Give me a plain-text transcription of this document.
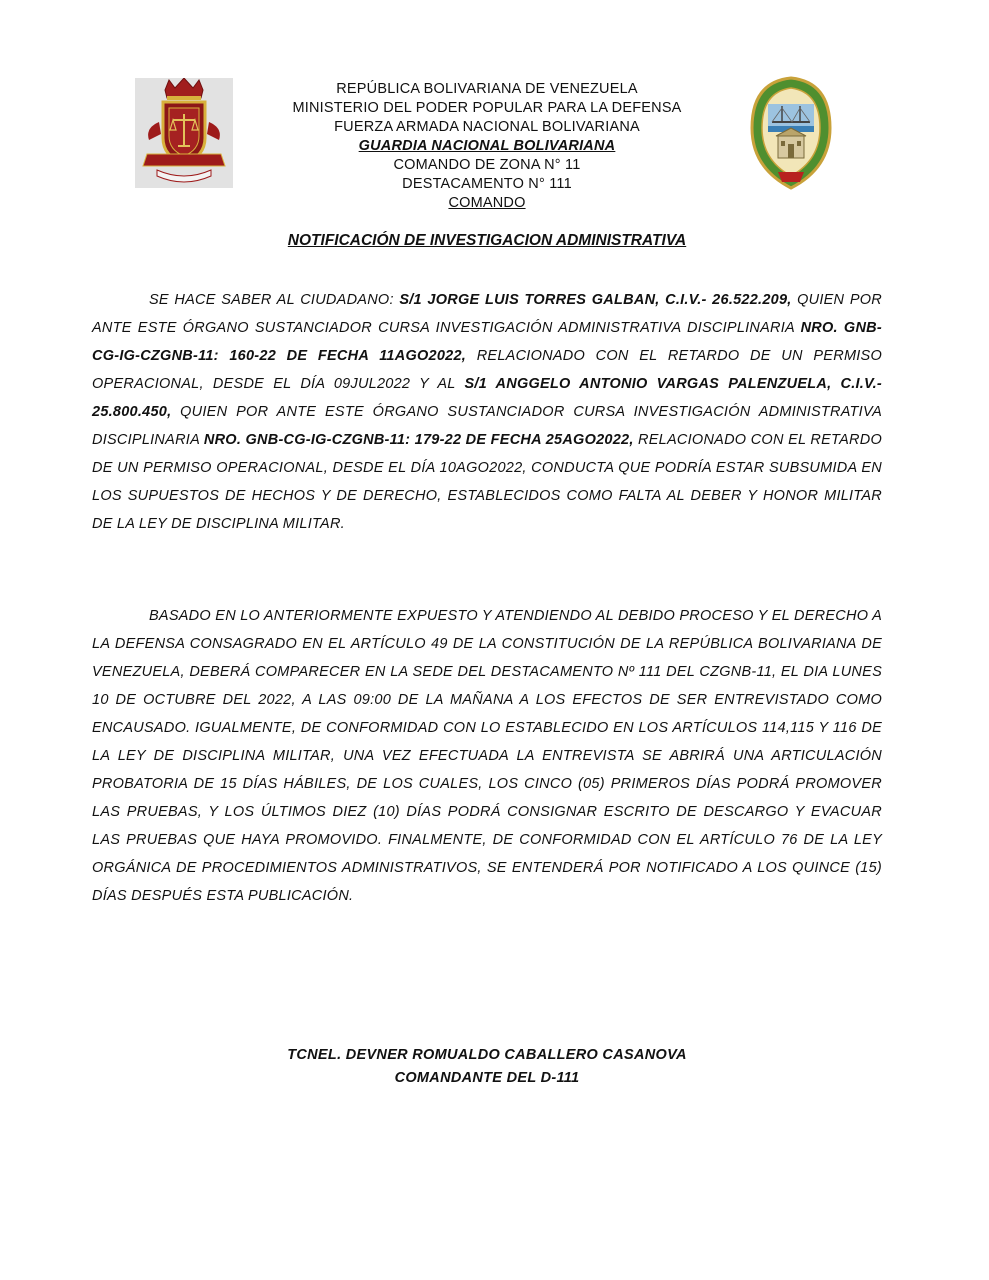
REPÚBLICA BOLIVARIANA DE VENEZUELA
MINISTERIO DEL PODER POPULAR PARA LA DEFENSA
FUERZA ARMADA NACIONAL BOLIVARIANA
GUARDIA NACIONAL BOLIVARIANA
COMANDO DE ZONA N° 11
DESTACAMENTO N° 111
COMANDO
NOTIFICACIÓN DE INVESTIGACION ADMINISTRATIVA

SE HACE SABER AL CIUDADANO: S/1 JORGE LUIS TORRES GALBAN, C.I.V.- 26.522.209, QUIEN POR ANTE ESTE ÓRGANO SUSTANCIADOR CURSA INVESTIGACIÓN ADMINISTRATIVA DISCIPLINARIA NRO. GNB-CG-IG-CZGNB-11: 160-22 DE FECHA 11AGO2022, RELACIONADO CON EL RETARDO DE UN PERMISO OPERACIONAL, DESDE EL DÍA 09JUL2022 Y AL S/1 ANGGELO ANTONIO VARGAS PALENZUELA, C.I.V.- 25.800.450, QUIEN POR ANTE ESTE ÓRGANO SUSTANCIADOR CURSA INVESTIGACIÓN ADMINISTRATIVA DISCIPLINARIA NRO. GNB-CG-IG-CZGNB-11: 179-22 DE FECHA 25AGO2022, RELACIONADO CON EL RETARDO DE UN PERMISO OPERACIONAL, DESDE EL DÍA 10AGO2022, CONDUCTA QUE PODRÍA ESTAR SUBSUMIDA EN LOS SUPUESTOS DE HECHOS Y DE DERECHO, ESTABLECIDOS COMO FALTA AL DEBER Y HONOR MILITAR DE LA LEY DE DISCIPLINA MILITAR.

BASADO EN LO ANTERIORMENTE EXPUESTO Y ATENDIENDO AL DEBIDO PROCESO Y EL DERECHO A LA DEFENSA CONSAGRADO EN EL ARTÍCULO 49 DE LA CONSTITUCIÓN DE LA REPÚBLICA BOLIVARIANA DE VENEZUELA, DEBERÁ COMPARECER EN LA SEDE DEL DESTACAMENTO Nº 111 DEL CZGNB-11, EL DIA LUNES 10 DE OCTUBRE DEL 2022, A LAS 09:00 DE LA MAÑANA A LOS EFECTOS DE SER ENTREVISTADO COMO ENCAUSADO. IGUALMENTE, DE CONFORMIDAD CON LO ESTABLECIDO EN LOS ARTÍCULOS 114,115 Y 116 DE LA LEY DE DISCIPLINA MILITAR, UNA VEZ EFECTUADA LA ENTREVISTA SE ABRIRÁ UNA ARTICULACIÓN PROBATORIA DE 15 DÍAS HÁBILES, DE LOS CUALES, LOS CINCO (05) PRIMEROS DÍAS PODRÁ PROMOVER LAS PRUEBAS, Y LOS ÚLTIMOS DIEZ (10) DÍAS PODRÁ CONSIGNAR ESCRITO DE DESCARGO Y EVACUAR LAS PRUEBAS QUE HAYA PROMOVIDO. FINALMENTE, DE CONFORMIDAD CON EL ARTÍCULO 76 DE LA LEY ORGÁNICA DE PROCEDIMIENTOS ADMINISTRATIVOS, SE ENTENDERÁ POR NOTIFICADO A LOS QUINCE (15) DÍAS DESPUÉS ESTA PUBLICACIÓN.

TCNEL. DEVNER ROMUALDO CABALLERO CASANOVA
COMANDANTE DEL D-111
